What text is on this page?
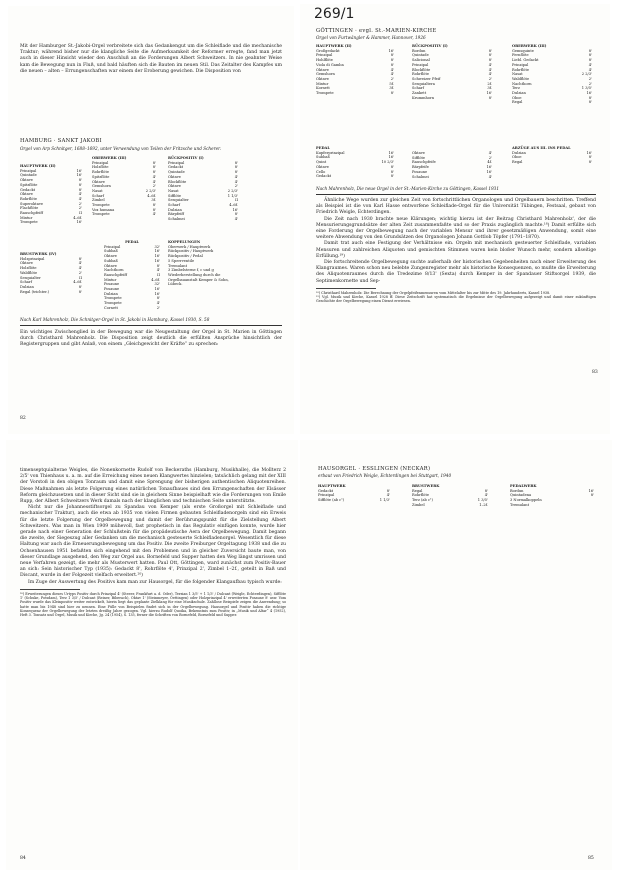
Mit der Hamburger St.-Jakobi-Orgel verbreitete sich das Gedankengut um die Schleiflade und die mechanische Traktur; während bisher nur die klangliche Seite die Aufmerksamkeit der Reformer erregte, fand man jetzt auch in dieser Hinsicht wieder den Anschluß an die Forderungen Albert Schweitzers. In nie geahnter Weise kam die Bewegung nun in Fluß, und bald häuften sich die Bauten im neuen Stil. Das Zeitalter des Kampfes um die neuen – alten – Errungenschaften war einem der Eroberung gewichen. Die Disposition von

HAMBURG · SANKT JAKOBI
Orgel von Arp Schnitger, 1688–1692, unter Verwendung von Teilen der Fritzsche und Scherer.
HAUPTWERK (II)
Prinzipal	16'
Quintade	16'
Oktave	8'
Spitzflöte	8'
Gedackt	8'
Oktave	4'
Rohrflöte	4'
Superoktave	2'
Flachflöte	2'
Rauschpfeiff	II
Mixtur	4–6f.
Trompete	16'
OBERWERK (III)
Prinzipal	8'
Holzflöte	8'
Rohrflöte	8'
Spitzflöte	4'
Oktave	4'
Gemshorn	2'
Nasat	2 2/3'
Scharf	4–6f.
Zimbel	3f.
Trompete	8'
Vox humana	8'
Trompete	4'
RÜCKPOSITIV (I)
Prinzipal	8'
Gedackt	8'
Quintade	8'
Oktave	4'
Blockflöte	4'
Oktave	2'
Nasat	2 2/3'
Sifflöte	1 1/3'
Sesquialter	II
Scharf	4–6f.
Dulzian	16'
Bärpfeiff	8'
Schalmei	4'
BRUSTWERK (IV)
Holzprinzipal	8'
Oktave	4'
Holzflöte	4'
Waldflöte	2'
Sesquialter	II
Scharf	4–6f.
Dulzian	8'
Regal (trichter.)	8'
PEDAL
Prinzipal	32'
Subbaß	16'
Oktave	16'
Subbaß	16'
Oktave	8'
Nachthorn	4'
Rauschpfeiff	II
Mixtur	4–6f.
Posaune	32'
Posaune	16'
Dulzian	16'
Trompete	8'
Trompete	4'
Cornett	2'
KOPPELUNGEN
Oberwerk / Hauptwerk
Rückpositiv / Hauptwerk
Rückpositiv / Pedal
5 Sperrventile
Tremulant
3 Zimbelsterne f, c und g
Wiederherstellung durch die Orgelbauanstalt Kemper & Sohn, Lübeck.
Nach Karl Mahrenholz, Die Schnitger-Orgel in St. Jakobi in Hamburg, Kassel 1930, S. 58

Ein wichtiges Zwischenglied in der Bewegung war die Neugestaltung der Orgel in St. Marien in Göttingen durch Christhard Mahrenholz. Die Disposition zeigt deutlich die erfüllten Ansprüche hinsichtlich der Registergruppen und gibt Anlaß, von einem „Gleichgewicht der Kräfte“ zu sprechen:

82
269/1
GÖTTINGEN · evgl. St.-MARIEN-KIRCHE
Orgel von Furtwängler & Hammer, Hannover, 1926
HAUPTWERK (II)
Großgedackt	16'
Prinzipal	8'
Hohlflöte	8'
Viola di Gamba	8'
Oktave	4'
Gemshorn	4'
Oktave	2'
Mixtur	5f.
Kornett	3f.
Trompete	8'
RÜCKPOSITIV (I)
Bordun	8'
Quintade	8'
Salicional	8'
Prinzipal	4'
Blockflöte	4'
Rohrflöte	4'
Schweizer Pfeif	2'
Sesquialtera	2f.
Scharf	3f.
Zankett	16'
Krummhorn	8'
OBERWERK (III)
Gemsquinte	8'
Fernflöte	8'
Liebl. Gedackt	8'
Prinzipal	4'
Rohrflöte	4'
Nasat	2 2/3'
Waldflöte	2'
Nachthorn	2'
Terz	1 3/5'
Dulzian	16'
Oboe	8'
Regal	8'
PEDAL
Kupferprinzipal	16'
Subbaß	16'
Quint	10 2/3'
Oktave	8'
Cello	8'
Gedackt	8'
Oktave	4'
Sifflöte	2'
Rauschpfeife	4f.
Bärpfeife	16'
Posaune	16'
Schalmei	4'
ABZÜGE AUS III. INS PEDAL
Dulzian	16'
Oboe	8'
Regal	8'
Nach Mahrenholz, Die neue Orgel in der St.-Marien-Kirche zu Göttingen, Kassel 1931

Ähnliche Wege wurden zur gleichen Zeit von fortschrittlichen Organologen und Orgelbauern beschritten. Treffend als Beispiel ist die von Karl Hasse entworfene Schleiflade-Orgel für die Universität Tübingen, Festsaal, gebaut von Friedrich Weigle, Echterdingen.

Die Zeit nach 1930 brachte neue Klärungen; wichtig hierzu ist der Beitrag Christhard Mahrenholz', der die Mensurierungsgrundsätze der alten Zeit zusammenfaßte und so der Praxis zugänglich machte.¹⁸) Damit erfüllte sich eine Forderung der Orgelbewegung nach der variablen Mensur und ihrer gesetzmäßigen Anwendung, somit eine weitere Abwendung von den Grundsätzen des Organologen Johann Gottlob Töpfer (1791–1870).

Damit trat auch eine Festigung der Verhältnisse ein. Orgeln mit mechanisch gesteuerter Schleiflade, variablen Mensuren und zahlreichen Aliquoten und gemischten Stimmen waren kein bloßer Wunsch mehr, sondern allseitige Erfüllung.¹⁹)

Die fortschreitende Orgelbewegung suchte außerhalb der historischen Gegebenheiten nach einer Erweiterung des Klangraumes. Waren schon neu belebte Zungenregister mehr als historische Konsequenzen, so mußte die Erweiterung des Aliquotenraumes durch die Tredezime 8/13' (Sexta) durch Kemper in der Spandauer Stiftsorgel 1939, die Septimenkornette und Sep-

¹⁸) Christhard Mahrenholz: Die Berechnung der Orgelpfeifenmensuren vom Mittelalter bis zur Mitte des 19. Jahrhunderts, Kassel 1938.

¹⁹) Vgl. Musik und Kirche, Kassel 1928 ff. Diese Zeitschrift hat systematisch die Ergebnisse der Orgelbewegung aufgezeigt und damit einer zukünftigen Geschichte der Orgelbewegung einen Dienst erwiesen.

83

timenseptquialterae Weigles, die Nonenkornette Rudolf von Beckeraths (Hamburg, Musikhalle), die Mollterz 2 2/5' von Thienhaus u. a. m. auf die Erreichung eines neuen Klangwertes hinzielen; tatsächlich gelang mit der XIII der Vorstoß in den obigen Tonraum und damit eine Sprengung der bisherigen authentischen Aliquotenreihen. Diese Maßnahmen als letzte Folgerung eines natürlichen Tonaufbaues sind den Errungenschaften der Elsässer Reform gleichzusetzen und in dieser Sicht sind sie in gleichem Sinne beispielhaft wie die Forderungen von Emile Rupp, der Albert Schweitzers Werk damals nach der klanglichen und technischen Seite unterstützte.

Nicht nur die Johannesstiftsorgel zu Spandau von Kemper (als erste Großorgel mit Schleiflade und mechanischer Traktur), auch die etwa ab 1935 von vielen Firmen gebauten Schleifladenorgeln sind ein Erweis für die letzte Folgerung der Orgelbewegung und damit der Berührungspunkt für die Zielstellung Albert Schweitzers. Was man in Wien 1909 mühevoll, fast prophetisch in das Regulativ einfügen konnte, wurde hier gerade nach einer Generation der Schlußstein für die propädeutische Aera der Orgelbewegung. Damit begann die zweite, der Siegeszug aller Gedanken um die mechanisch gesteuerte Schleifladenorgel. Wesentlich für diese Haltung war auch die Erneuerungsbewegung um das Positiv. Die zweite Freiburger Orgeltagung 1938 und die zu Ochsenhausen 1951 befaßten sich eingehend mit den Problemen und in gleicher Zuversicht baute man, von dieser Grundlage ausgehend, den Weg zur Orgel aus. Bornefeld und Supper hatten den Weg längst umrissen und neue Verfahren gezeigt, die mehr als Musterwert hatten. Paul Ott, Göttingen, ward zunächst zum Positiv-Bauer an sich: Sein historischer Typ (1935): Gedackt 8', Rohrflöte 4', Prinzipal 2', Zimbel 1–2f., geteilt in Baß und Discant, wurde in der Folgezeit vielfach erweitert.²⁰)

Im Zuge der Auswertung des Positivs kam man zur Hausorgel, für die folgender Klangaufbau typisch wurde:

²⁰) Erweiterungen dieses Urtyps Positiv durch Prinzipal 4' (Steeer, Frankfurt a. d. Oder), Terzian 1 3/5' + 1 1/3' / Dulcant (Weigle, Echterdingen), Sifflöte 1' (Schuke, Potsdam), Terz 1 3/5' / Dulcant (Reiner, Biberach), Oktav 1' (Steinmeyer, Oettingen) oder Holzprinzipal 4' erweiterten Posaune 8' usw. Vom Positiv wurde das Kleinpositiv weiter entwickelt, hierin liegt das geplante Zielklang für eine Musikschule. Zahllose Beispiele zeigen die Anwendung; so hatte man bis 1948 sind hier zu nennen. Eine Fülle von Beispielen findet sich in der Orgelbewegung. Hausorgel und Positiv haben die richtige Konsequenz der Orgelbewegung der letzten dreißig Jahre gezogen. Vgl. hierzu Rudolf Quoika, Bekenntnis zum Positiv, in „Musik und Altar“ 4 (1952), Heft 3. Tonsatz und Orgel, Musik und Kirche, Jg. 24 (1954), S. 135, ferner die Schriften von Bornefeld, Bornefeld und Supper.

84
HAUSORGEL · ESSLINGEN (NECKAR)
erbaut von Friedrich Weigle, Echterdingen bei Stuttgart, 1940
HAUPTWERK
Gedackt	8'
Prinzipal	4'
Sifflöte (ab c¹)	1 1/3'
BRUSTWERK
Regal	8'
Rohrflöte	4'
Terz (ab c¹)	1 3/5'
Zimbel	1–2f.
PEDALWERK
Bordun	16'
Quintadena	8'
3 Normalkoppeln
Tremulant
85
